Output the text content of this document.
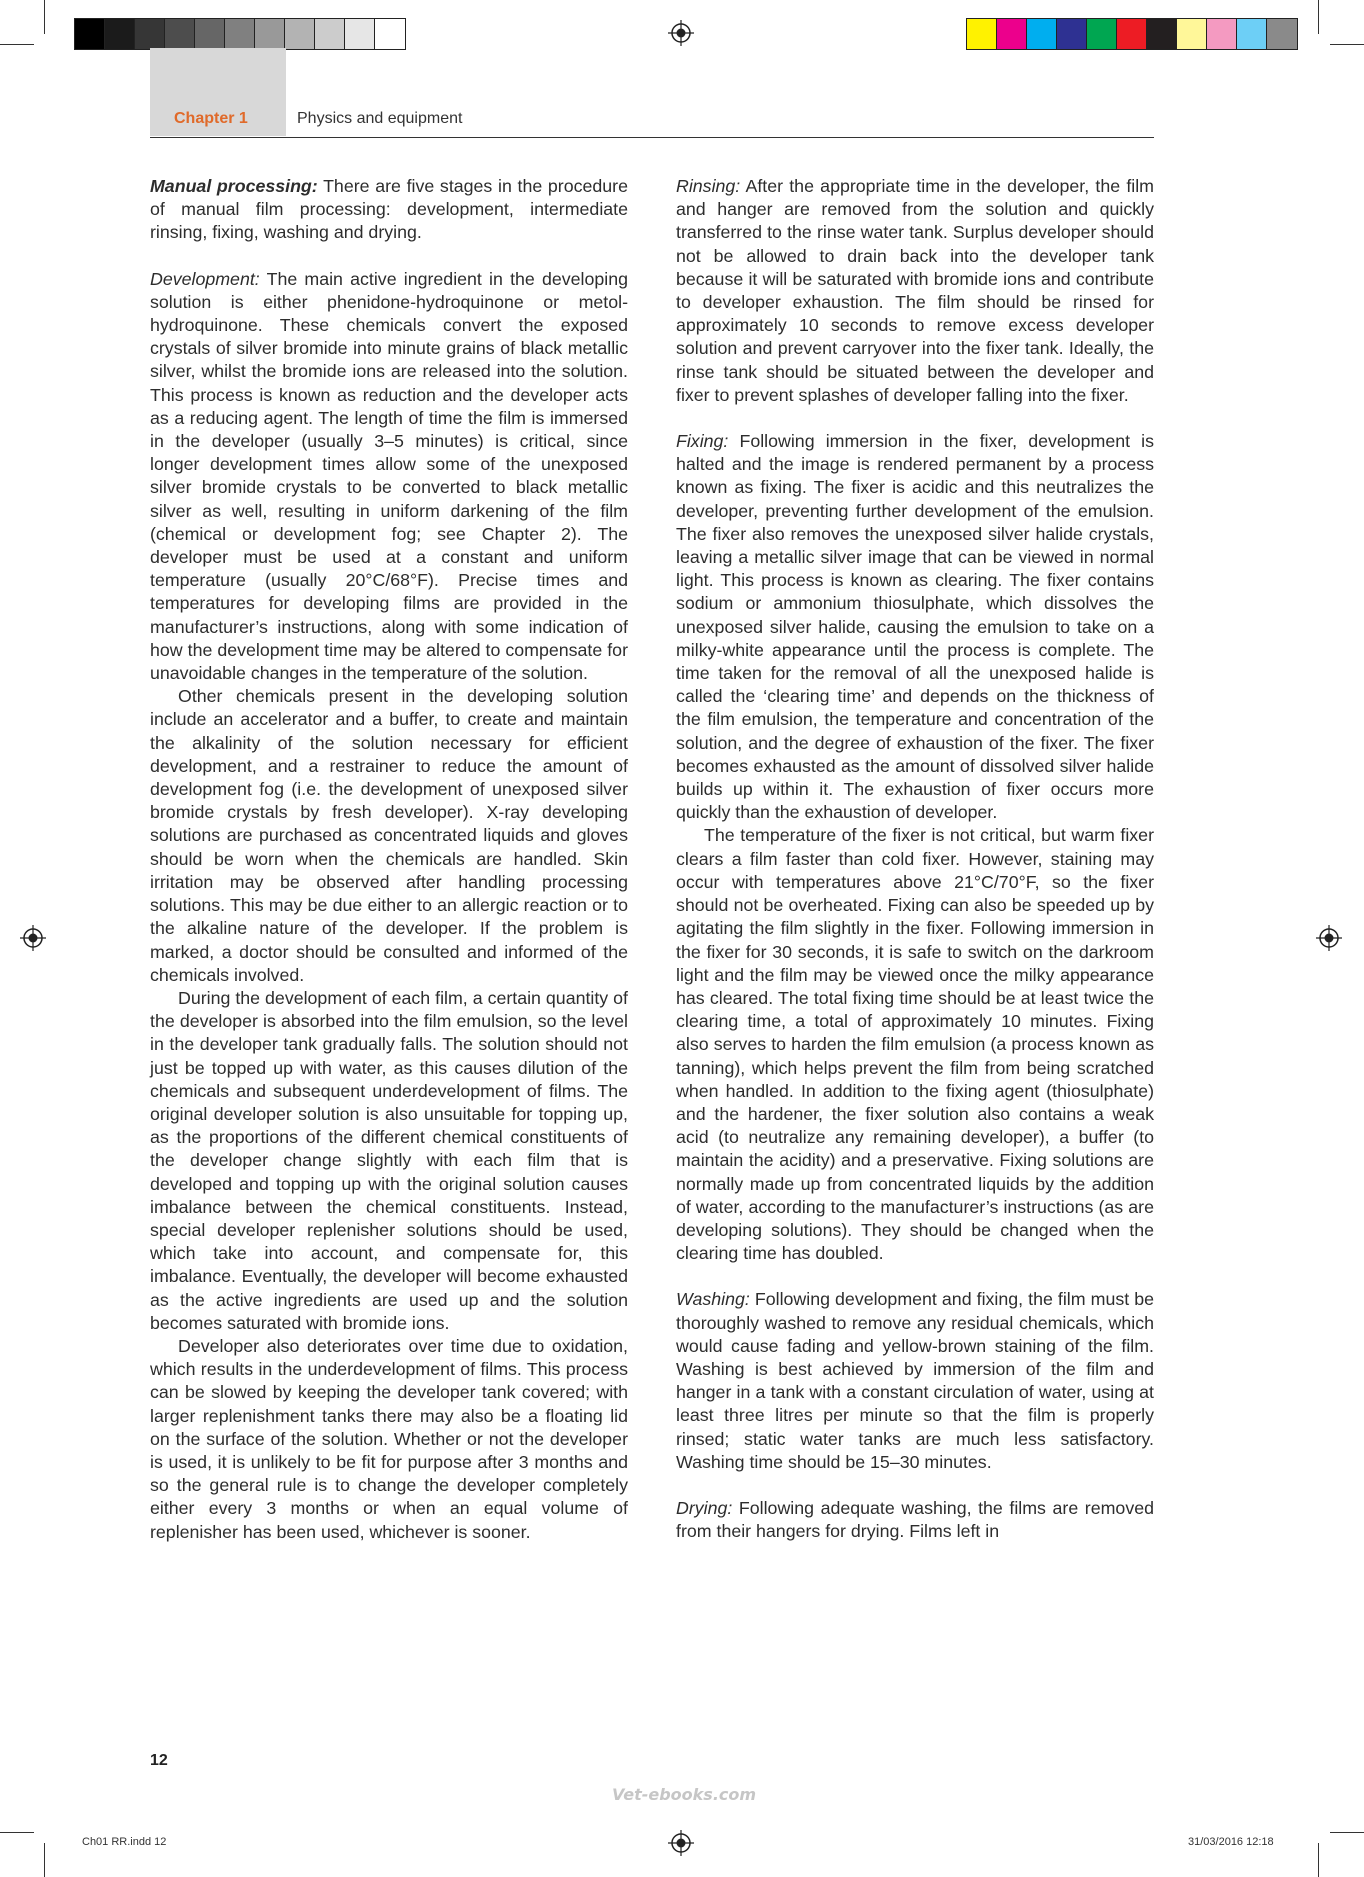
Chapter 1	Physics and equipment

Manual processing: There are five stages in the procedure of manual film processing: development, intermediate rinsing, fixing, washing and drying.

Development: The main active ingredient in the developing solution is either phenidone-hydroquinone or metol-hydroquinone. These chemicals convert the exposed crystals of silver bromide into minute grains of black metallic silver, whilst the bromide ions are released into the solution. This process is known as reduction and the developer acts as a reducing agent. The length of time the film is immersed in the developer (usually 3–5 minutes) is critical, since longer development times allow some of the unexposed silver bromide crystals to be converted to black metallic silver as well, resulting in uniform darkening of the film (chemical or development fog; see Chapter 2). The developer must be used at a constant and uniform temperature (usually 20°C/68°F). Precise times and temperatures for developing films are provided in the manufacturer’s instructions, along with some indication of how the development time may be altered to compensate for unavoidable changes in the temperature of the solution.

Other chemicals present in the developing solution include an accelerator and a buffer, to create and maintain the alkalinity of the solution necessary for efficient development, and a restrainer to reduce the amount of development fog (i.e. the development of unexposed silver bromide crystals by fresh developer). X-ray developing solutions are purchased as concentrated liquids and gloves should be worn when the chemicals are handled. Skin irritation may be observed after handling processing solutions. This may be due either to an allergic reaction or to the alkaline nature of the developer. If the problem is marked, a doctor should be consulted and informed of the chemicals involved.

During the development of each film, a certain quantity of the developer is absorbed into the film emulsion, so the level in the developer tank gradually falls. The solution should not just be topped up with water, as this causes dilution of the chemicals and subsequent underdevelopment of films. The original developer solution is also unsuitable for topping up, as the proportions of the different chemical constituents of the developer change slightly with each film that is developed and topping up with the original solution causes imbalance between the chemical constituents. Instead, special developer replenisher solutions should be used, which take into account, and compensate for, this imbalance. Eventually, the developer will become exhausted as the active ingredients are used up and the solution becomes saturated with bromide ions.

Developer also deteriorates over time due to oxidation, which results in the underdevelopment of films. This process can be slowed by keeping the developer tank covered; with larger replenishment tanks there may also be a floating lid on the surface of the solution. Whether or not the developer is used, it is unlikely to be fit for purpose after 3 months and so the general rule is to change the developer completely either every 3 months or when an equal volume of replenisher has been used, whichever is sooner.

Rinsing: After the appropriate time in the developer, the film and hanger are removed from the solution and quickly transferred to the rinse water tank. Surplus developer should not be allowed to drain back into the developer tank because it will be saturated with bromide ions and contribute to developer exhaustion. The film should be rinsed for approximately 10 seconds to remove excess developer solution and prevent carryover into the fixer tank. Ideally, the rinse tank should be situated between the developer and fixer to prevent splashes of developer falling into the fixer.

Fixing: Following immersion in the fixer, development is halted and the image is rendered permanent by a process known as fixing. The fixer is acidic and this neutralizes the developer, preventing further development of the emulsion. The fixer also removes the unexposed silver halide crystals, leaving a metallic silver image that can be viewed in normal light. This process is known as clearing. The fixer contains sodium or ammonium thiosulphate, which dissolves the unexposed silver halide, causing the emulsion to take on a milky-white appearance until the process is complete. The time taken for the removal of all the unexposed halide is called the ‘clearing time’ and depends on the thickness of the film emulsion, the temperature and concentration of the solution, and the degree of exhaustion of the fixer. The fixer becomes exhausted as the amount of dissolved silver halide builds up within it. The exhaustion of fixer occurs more quickly than the exhaustion of developer.

The temperature of the fixer is not critical, but warm fixer clears a film faster than cold fixer. However, staining may occur with temperatures above 21°C/70°F, so the fixer should not be overheated. Fixing can also be speeded up by agitating the film slightly in the fixer. Following immersion in the fixer for 30 seconds, it is safe to switch on the darkroom light and the film may be viewed once the milky appearance has cleared. The total fixing time should be at least twice the clearing time, a total of approximately 10 minutes. Fixing also serves to harden the film emulsion (a process known as tanning), which helps prevent the film from being scratched when handled. In addition to the fixing agent (thiosulphate) and the hardener, the fixer solution also contains a weak acid (to neutralize any remaining developer), a buffer (to maintain the acidity) and a preservative. Fixing solutions are normally made up from concentrated liquids by the addition of water, according to the manufacturer’s instructions (as are developing solutions). They should be changed when the clearing time has doubled.

Washing: Following development and fixing, the film must be thoroughly washed to remove any residual chemicals, which would cause fading and yellow-brown staining of the film. Washing is best achieved by immersion of the film and hanger in a tank with a constant circulation of water, using at least three litres per minute so that the film is properly rinsed; static water tanks are much less satisfactory. Washing time should be 15–30 minutes.

Drying: Following adequate washing, the films are removed from their hangers for drying. Films left in

12
Vet-ebooks.com
Ch01 RR.indd 12	31/03/2016 12:18
